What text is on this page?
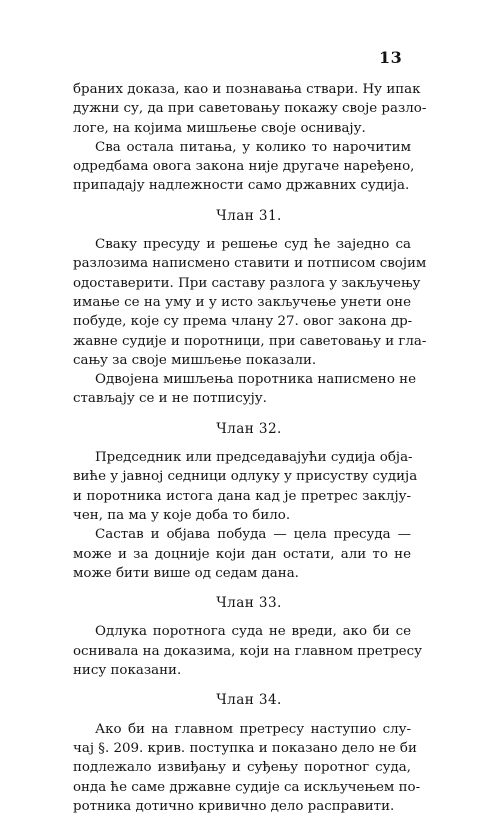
13
браних доказа, као и познавања ствари. Ну ипак
дужни су, да при саветовању покажу своје разло-
логе, на којима мишљење своје оснивају.
Сва остала питања, у колико то нарочитим
одредбама овога закона није другаче наређено,
припадају надлежности само државних судија.
Члан 31.
Сваку пресуду и решење суд ће заједно са
разлозима написмено ставити и потписом својим
одоставерити. При саставу разлога у закључењу
имање се на уму и у исто закључење унети оне
побуде, које су према члану 27. овог закона др-
жавне судије и поротници, при саветовању и гла-
сању за своје мишљење показали.
Одвојена мишљења поротника написмено не
стављају се и не потписују.
Члан 32.
Председник или председавајући судија обја-
виће у јавној седници одлуку у присуству судија
и поротника истога дана кад је претрес заклју-
чен, па ма у које доба то било.
Састав и објава побуда — цела пресуда —
може и за доцније који дан остати, али то не
може бити више од седам дана.
Члан 33.
Одлука поротнога суда не вреди, ако би се
оснивала на доказима, који на главном претресу
нису показани.
Члан 34.
Ако би на главном претресу наступио слу-
чај §. 209. крив. поступка и показано дело не би
подлежало извиђању и суђењу поротног суда,
онда ће саме државне судије са искључењем по-
ротника дотично кривично дело расправити.
